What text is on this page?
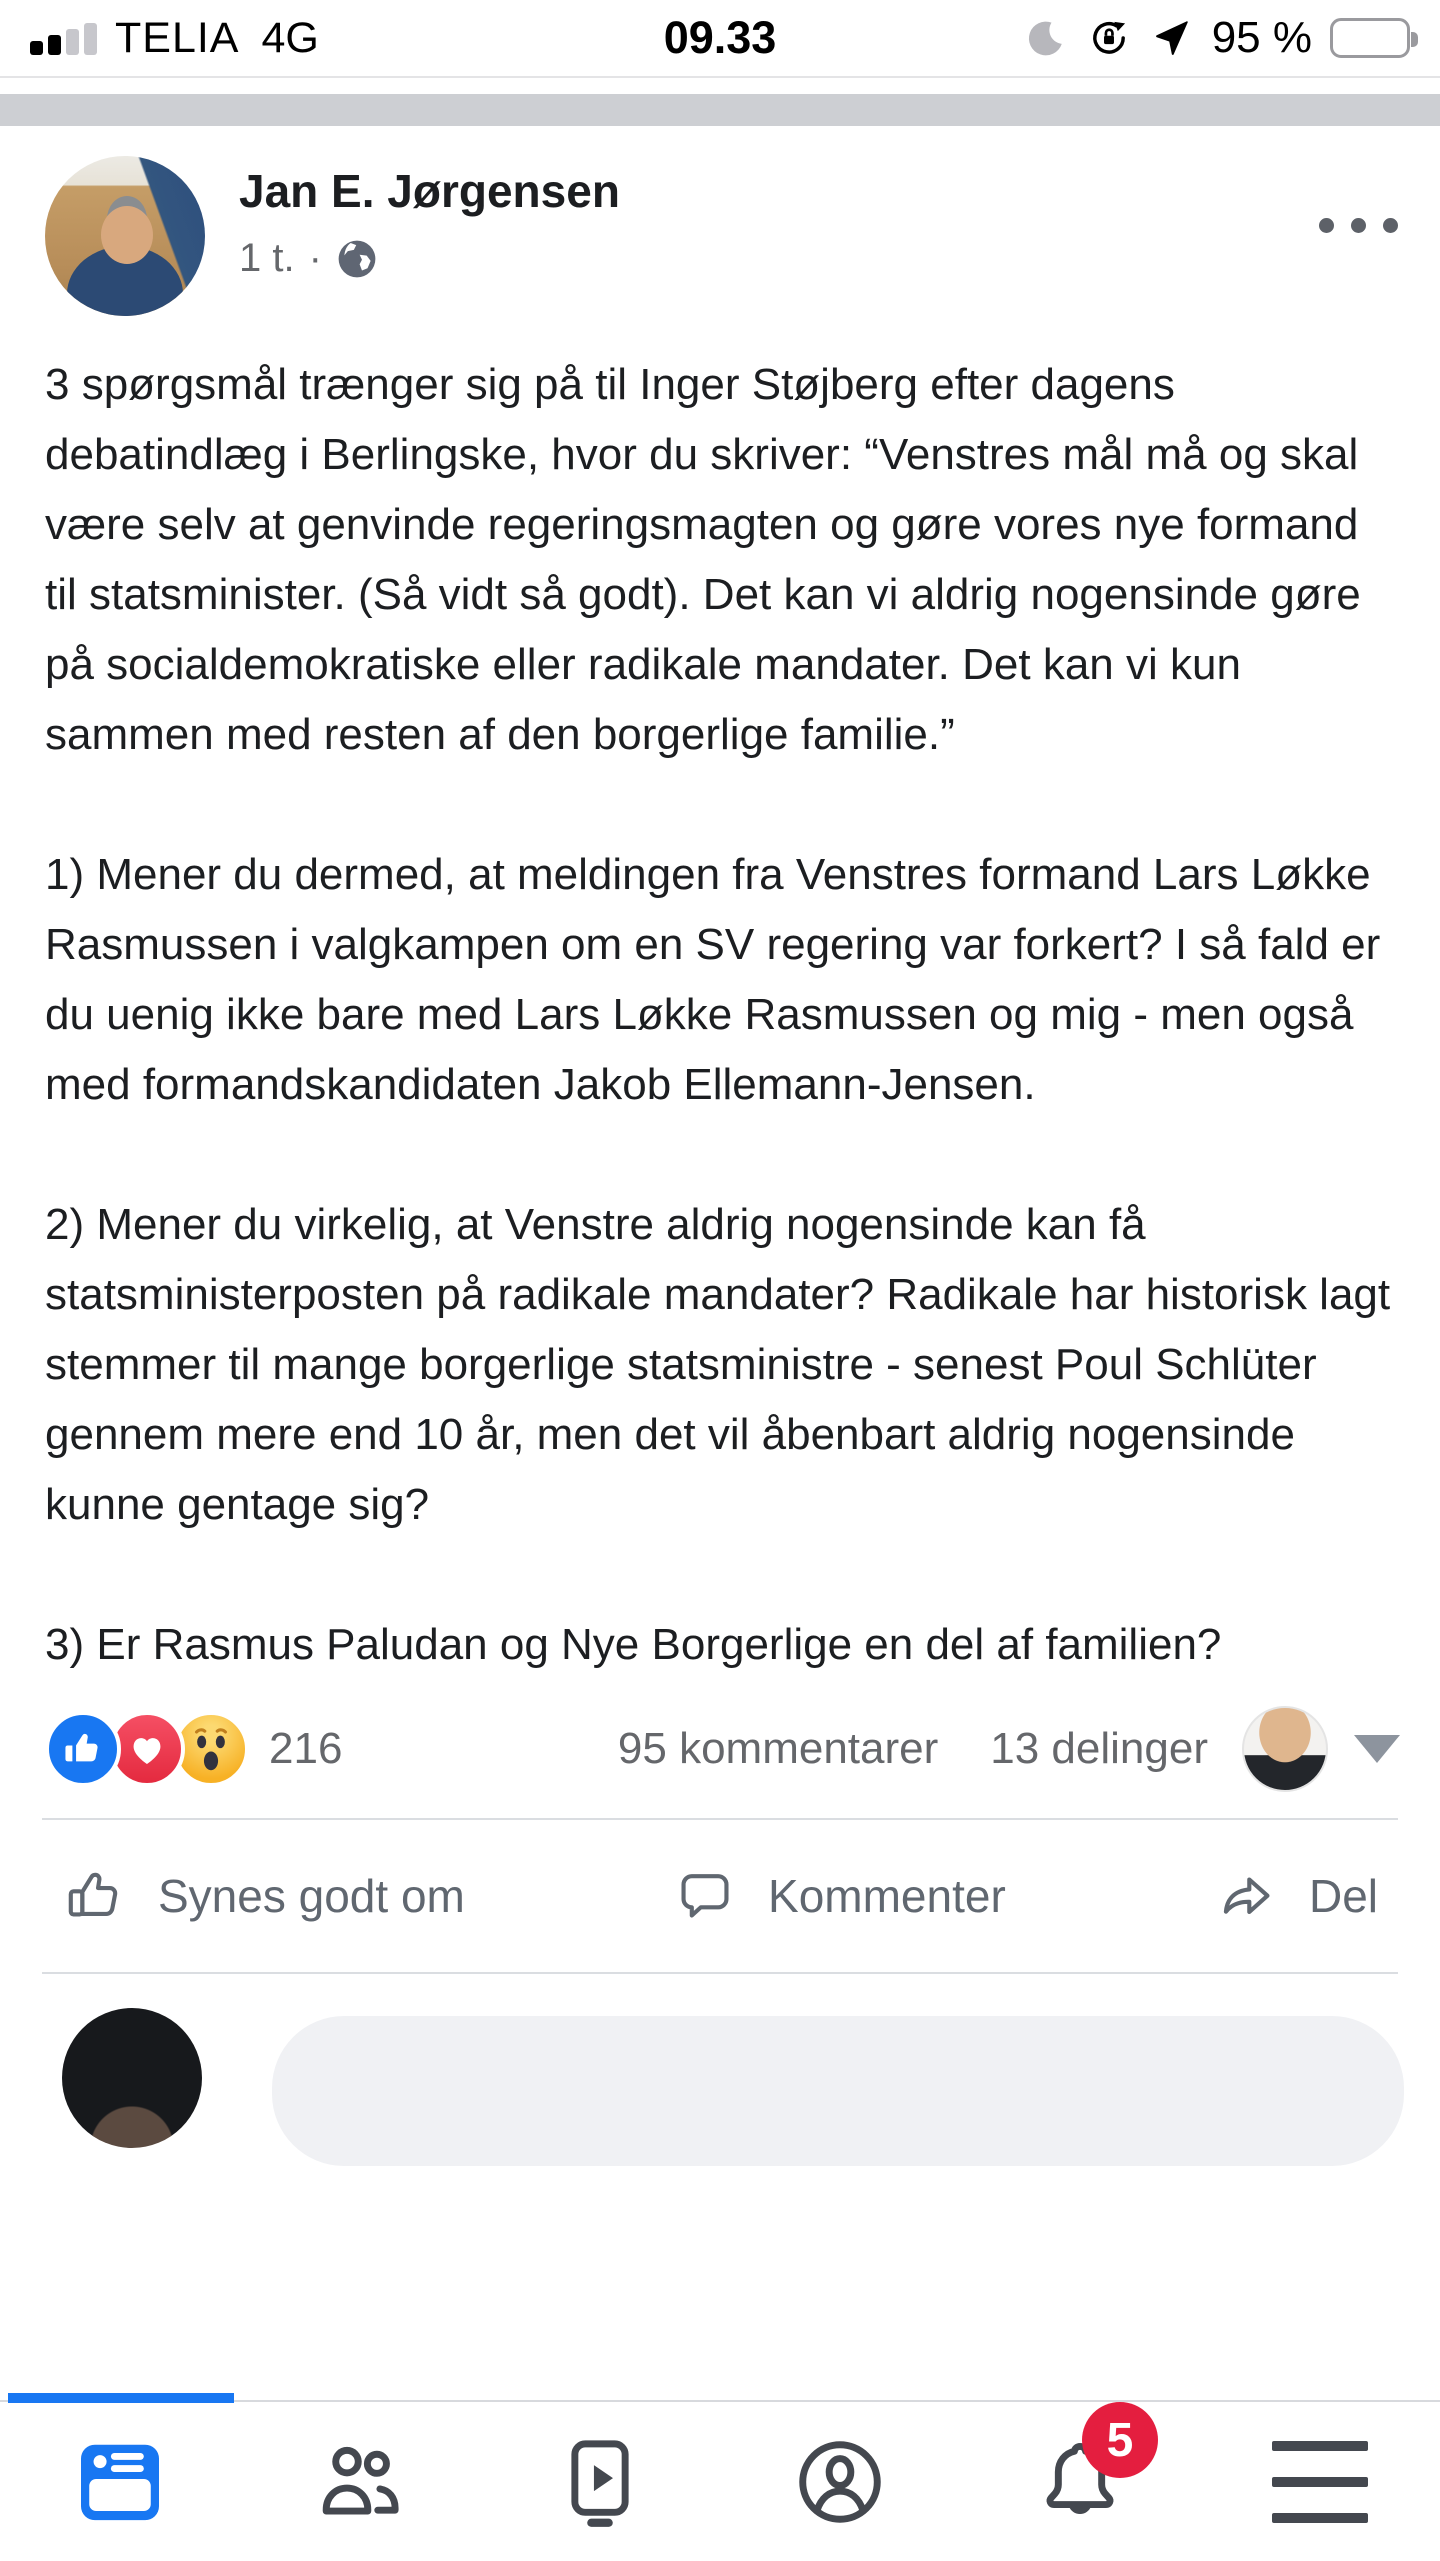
TELIA 4G	09.33	95 %
Jan E. Jørgensen
1 t. ·

3 spørgsmål trænger sig på til Inger Støjberg efter dagens debatindlæg i Berlingske, hvor du skriver: “Venstres mål må og skal være selv at genvinde regeringsmagten og gøre vores nye formand til statsminister. (Så vidt så godt). Det kan vi aldrig nogensinde gøre på socialdemokratiske eller radikale mandater. Det kan vi kun sammen med resten af den borgerlige familie.”

1) Mener du dermed, at meldingen fra Venstres formand Lars Løkke Rasmussen i valgkampen om en SV regering var forkert? I så fald er du uenig ikke bare med Lars Løkke Rasmussen og mig - men også med formandskandidaten Jakob Ellemann-Jensen.

2) Mener du virkelig, at Venstre aldrig nogensinde kan få statsministerposten på radikale mandater? Radikale har historisk lagt stemmer til mange borgerlige statsministre - senest Poul Schlüter gennem mere end 10 år, men det vil åbenbart aldrig nogensinde kunne gentage sig?

3) Er Rasmus Paludan og Nye Borgerlige en del af familien?

216	95 kommentarer 13 delinger
Synes godt om	Kommenter	Del
5
